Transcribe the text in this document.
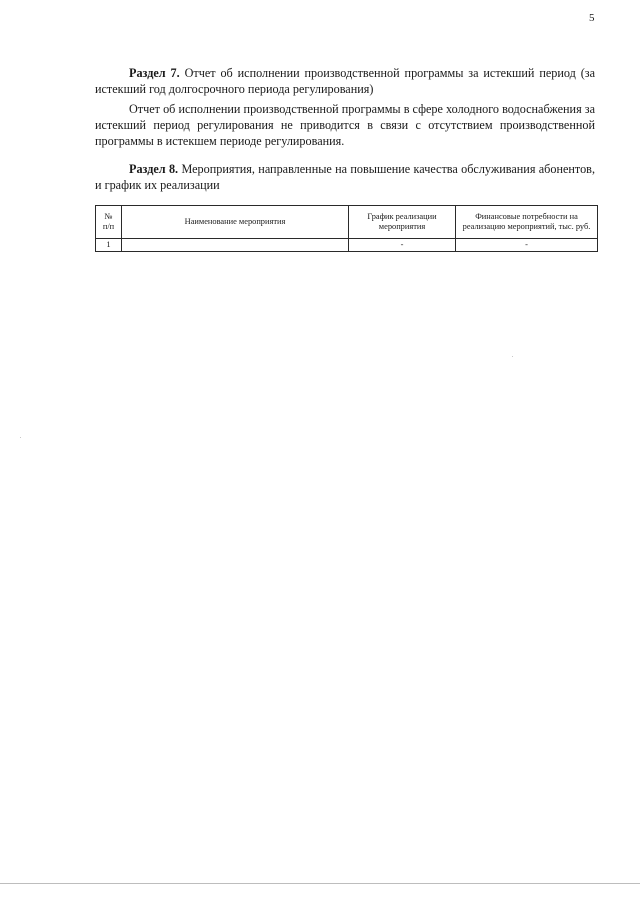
5

Раздел 7. Отчет об исполнении производственной программы за истекший период (за истекший год долгосрочного периода регулирования)

Отчет об исполнении производственной программы в сфере холодного водоснабжения за истекший период регулирования не приводится в связи с отсутствием производственной программы в истекшем периоде регулирования.

Раздел 8. Мероприятия, направленные на повышение качества обслуживания абонентов, и график их реализации

№
п/п	Наименование мероприятия	График реализации мероприятия	Финансовые потребности на реализацию мероприятий, тыс. руб.
1		-	-
